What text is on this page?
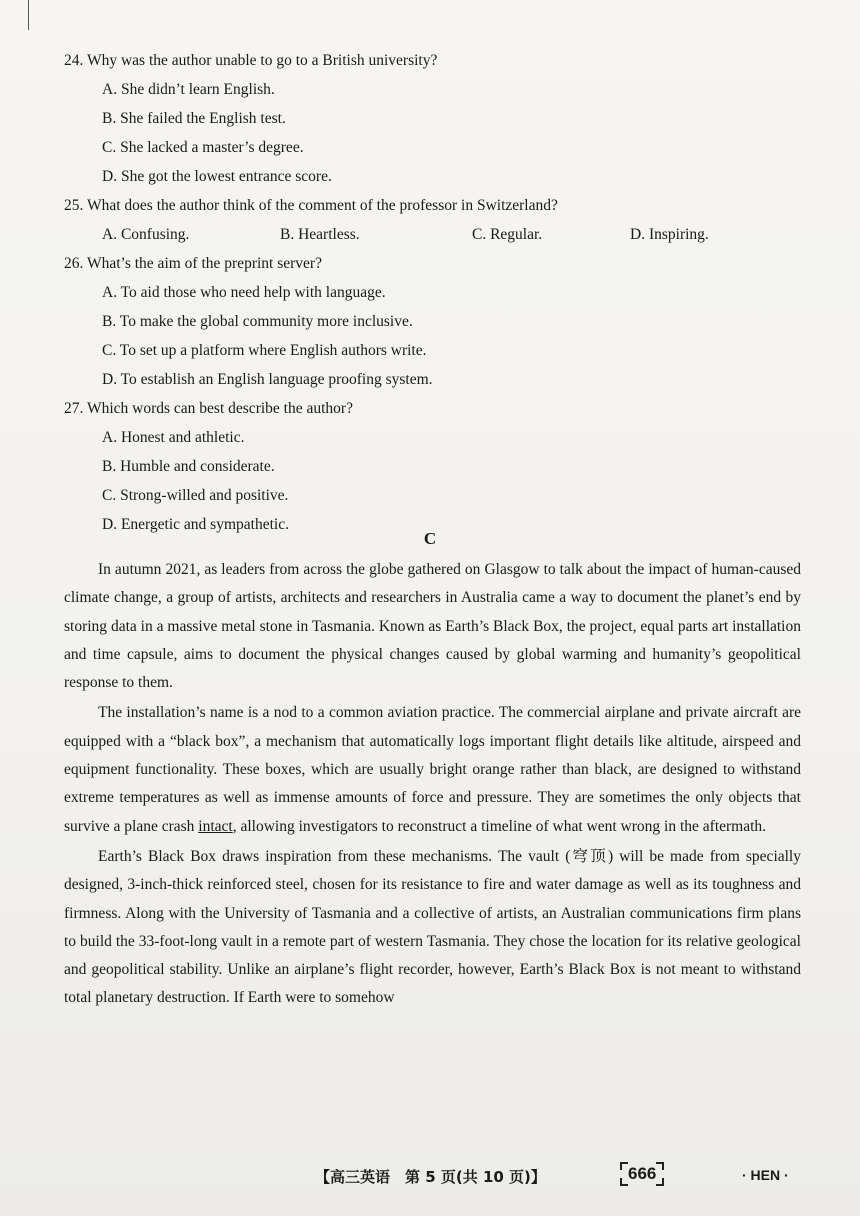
24. Why was the author unable to go to a British university?
A. She didn’t learn English.
B. She failed the English test.
C. She lacked a master’s degree.
D. She got the lowest entrance score.
25. What does the author think of the comment of the professor in Switzerland?
A. Confusing.	B. Heartless.	C. Regular.	D. Inspiring.
26. What’s the aim of the preprint server?
A. To aid those who need help with language.
B. To make the global community more inclusive.
C. To set up a platform where English authors write.
D. To establish an English language proofing system.
27. Which words can best describe the author?
A. Honest and athletic.
B. Humble and considerate.
C. Strong-willed and positive.
D. Energetic and sympathetic.
C

In autumn 2021, as leaders from across the globe gathered on Glasgow to talk about the impact of human-caused climate change, a group of artists, architects and researchers in Australia came a way to document the planet’s end by storing data in a massive metal stone in Tasmania. Known as Earth’s Black Box, the project, equal parts art installation and time capsule, aims to document the physical changes caused by global warming and humanity’s geopolitical response to them.

The installation’s name is a nod to a common aviation practice. The commercial airplane and private aircraft are equipped with a “black box”, a mechanism that automatically logs important flight details like altitude, airspeed and equipment functionality. These boxes, which are usually bright orange rather than black, are designed to withstand extreme temperatures as well as immense amounts of force and pressure. They are sometimes the only objects that survive a plane crash intact, allowing investigators to reconstruct a timeline of what went wrong in the aftermath.

Earth’s Black Box draws inspiration from these mechanisms. The vault (穹顶) will be made from specially designed, 3-inch-thick reinforced steel, chosen for its resistance to fire and water damage as well as its toughness and firmness. Along with the University of Tasmania and a collective of artists, an Australian communications firm plans to build the 33-foot-long vault in a remote part of western Tasmania. They chose the location for its relative geological and geopolitical stability. Unlike an airplane’s flight recorder, however, Earth’s Black Box is not meant to withstand total planetary destruction. If Earth were to somehow

【高三英语　第 5 页(共 10 页)】	666	· HEN ·
